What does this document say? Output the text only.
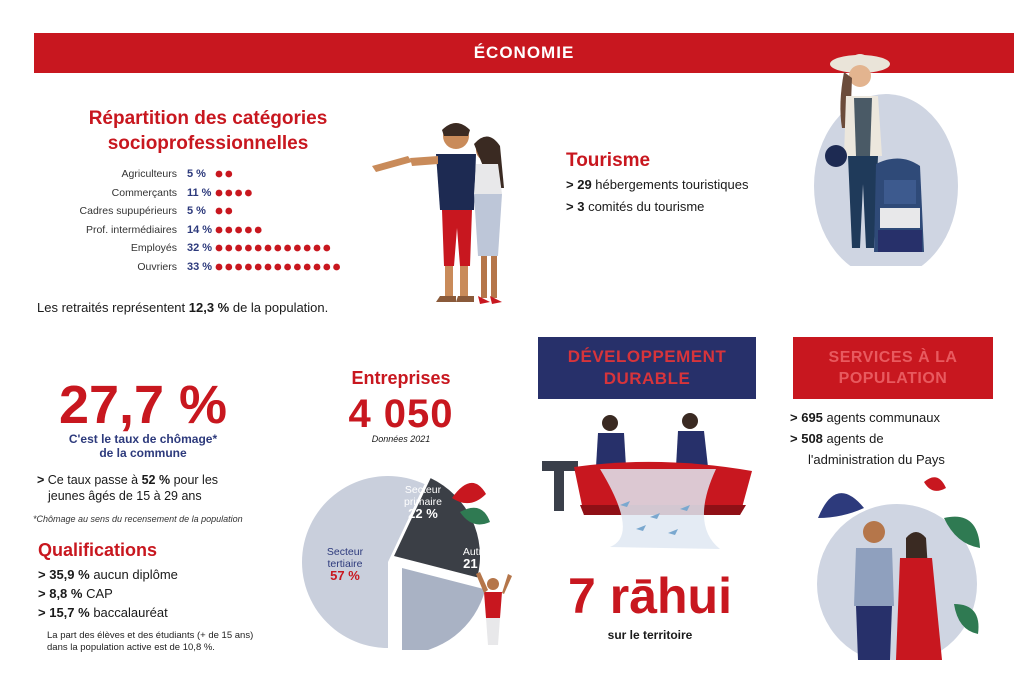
ÉCONOMIE
Répartition des catégories
socioprofessionnelles
Agriculteurs 5 %
Commerçants 11 %
Cadres supupérieurs 5 %
Prof. intermédiaires 14 %
Employés 32 %
Ouvriers 33 %
Les retraités représentent 12,3 % de la population.
Tourisme
> 29 hébergements touristiques
> 3 comités du tourisme
27,7 %
C'est le taux de chômage*
de la commune
> Ce taux passe à 52 % pour les
jeunes âgés de 15 à 29 ans
*Chômage au sens du recensement de la population
Qualifications
> 35,9 % aucun diplôme
> 8,8 % CAP
> 15,7 % baccalauréat
La part des élèves et des étudiants (+ de 15 ans)
dans la population active est de 10,8 %.
Entreprises
4 050
Données 2021
Secteur
tertiaire
57 %
Secteur
primaire
22 %
Autres
21 %
DÉVELOPPEMENT
DURABLE
7 rāhui
sur le territoire
SERVICES À LA
POPULATION
> 695 agents communaux
> 508 agents de
l'administration du Pays
